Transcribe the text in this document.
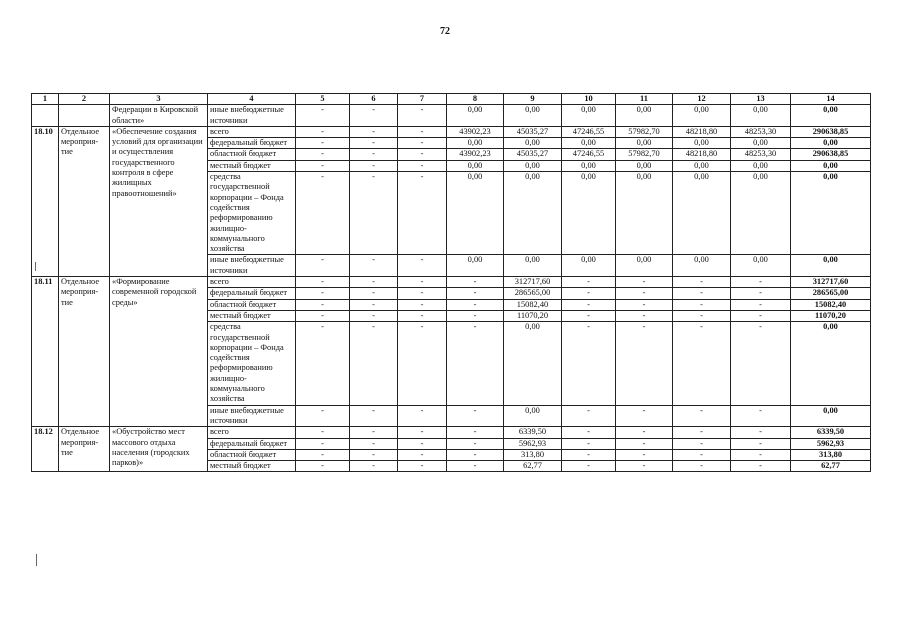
72
1	2	3	4	5	6	7	8	9	10	11	12	13	14
		Федерации в Кировской области»	иные внебюджетные источники	-	-	-	0,00	0,00	0,00	0,00	0,00	0,00	0,00
18.10	Отдельное мероприя-тие	«Обеспечение создания условий для организации и осуществления государственного контроля в сфере жилищных правоотношений»	всего	-	-	-	43902,23	45035,27	47246,55	57982,70	48218,80	48253,30	290638,85
			федеральный бюджет	-	-	-	0,00	0,00	0,00	0,00	0,00	0,00	0,00
			областной бюджет	-	-	-	43902,23	45035,27	47246,55	57982,70	48218,80	48253,30	290638,85
			местный бюджет	-	-	-	0,00	0,00	0,00	0,00	0,00	0,00	0,00
			средства государственной корпорации – Фонда содействия реформированию жилищно-коммунального хозяйства	-	-	-	0,00	0,00	0,00	0,00	0,00	0,00	0,00
			иные внебюджетные источники	-	-	-	0,00	0,00	0,00	0,00	0,00	0,00	0,00
18.11	Отдельное мероприя-тие	«Формирование современной городской среды»	всего	-	-	-	-	312717,60	-	-	-	-	312717,60
			федеральный бюджет	-	-	-	-	286565,00	-	-	-	-	286565,00
			областной бюджет	-	-	-	-	15082,40	-	-	-	-	15082,40
			местный бюджет	-	-	-	-	11070,20	-	-	-	-	11070,20
			средства государственной корпорации – Фонда содействия реформированию жилищно-коммунального хозяйства	-	-	-	-	0,00	-	-	-	-	0,00
			иные внебюджетные источники	-	-	-	-	0,00	-	-	-	-	0,00
18.12	Отдельное мероприя-тие	«Обустройство мест массового отдыха населения (городских парков)»	всего	-	-	-	-	6339,50	-	-	-	-	6339,50
			федеральный бюджет	-	-	-	-	5962,93	-	-	-	-	5962,93
			областной бюджет	-	-	-	-	313,80	-	-	-	-	313,80
			местный бюджет	-	-	-	-	62,77	-	-	-	-	62,77
